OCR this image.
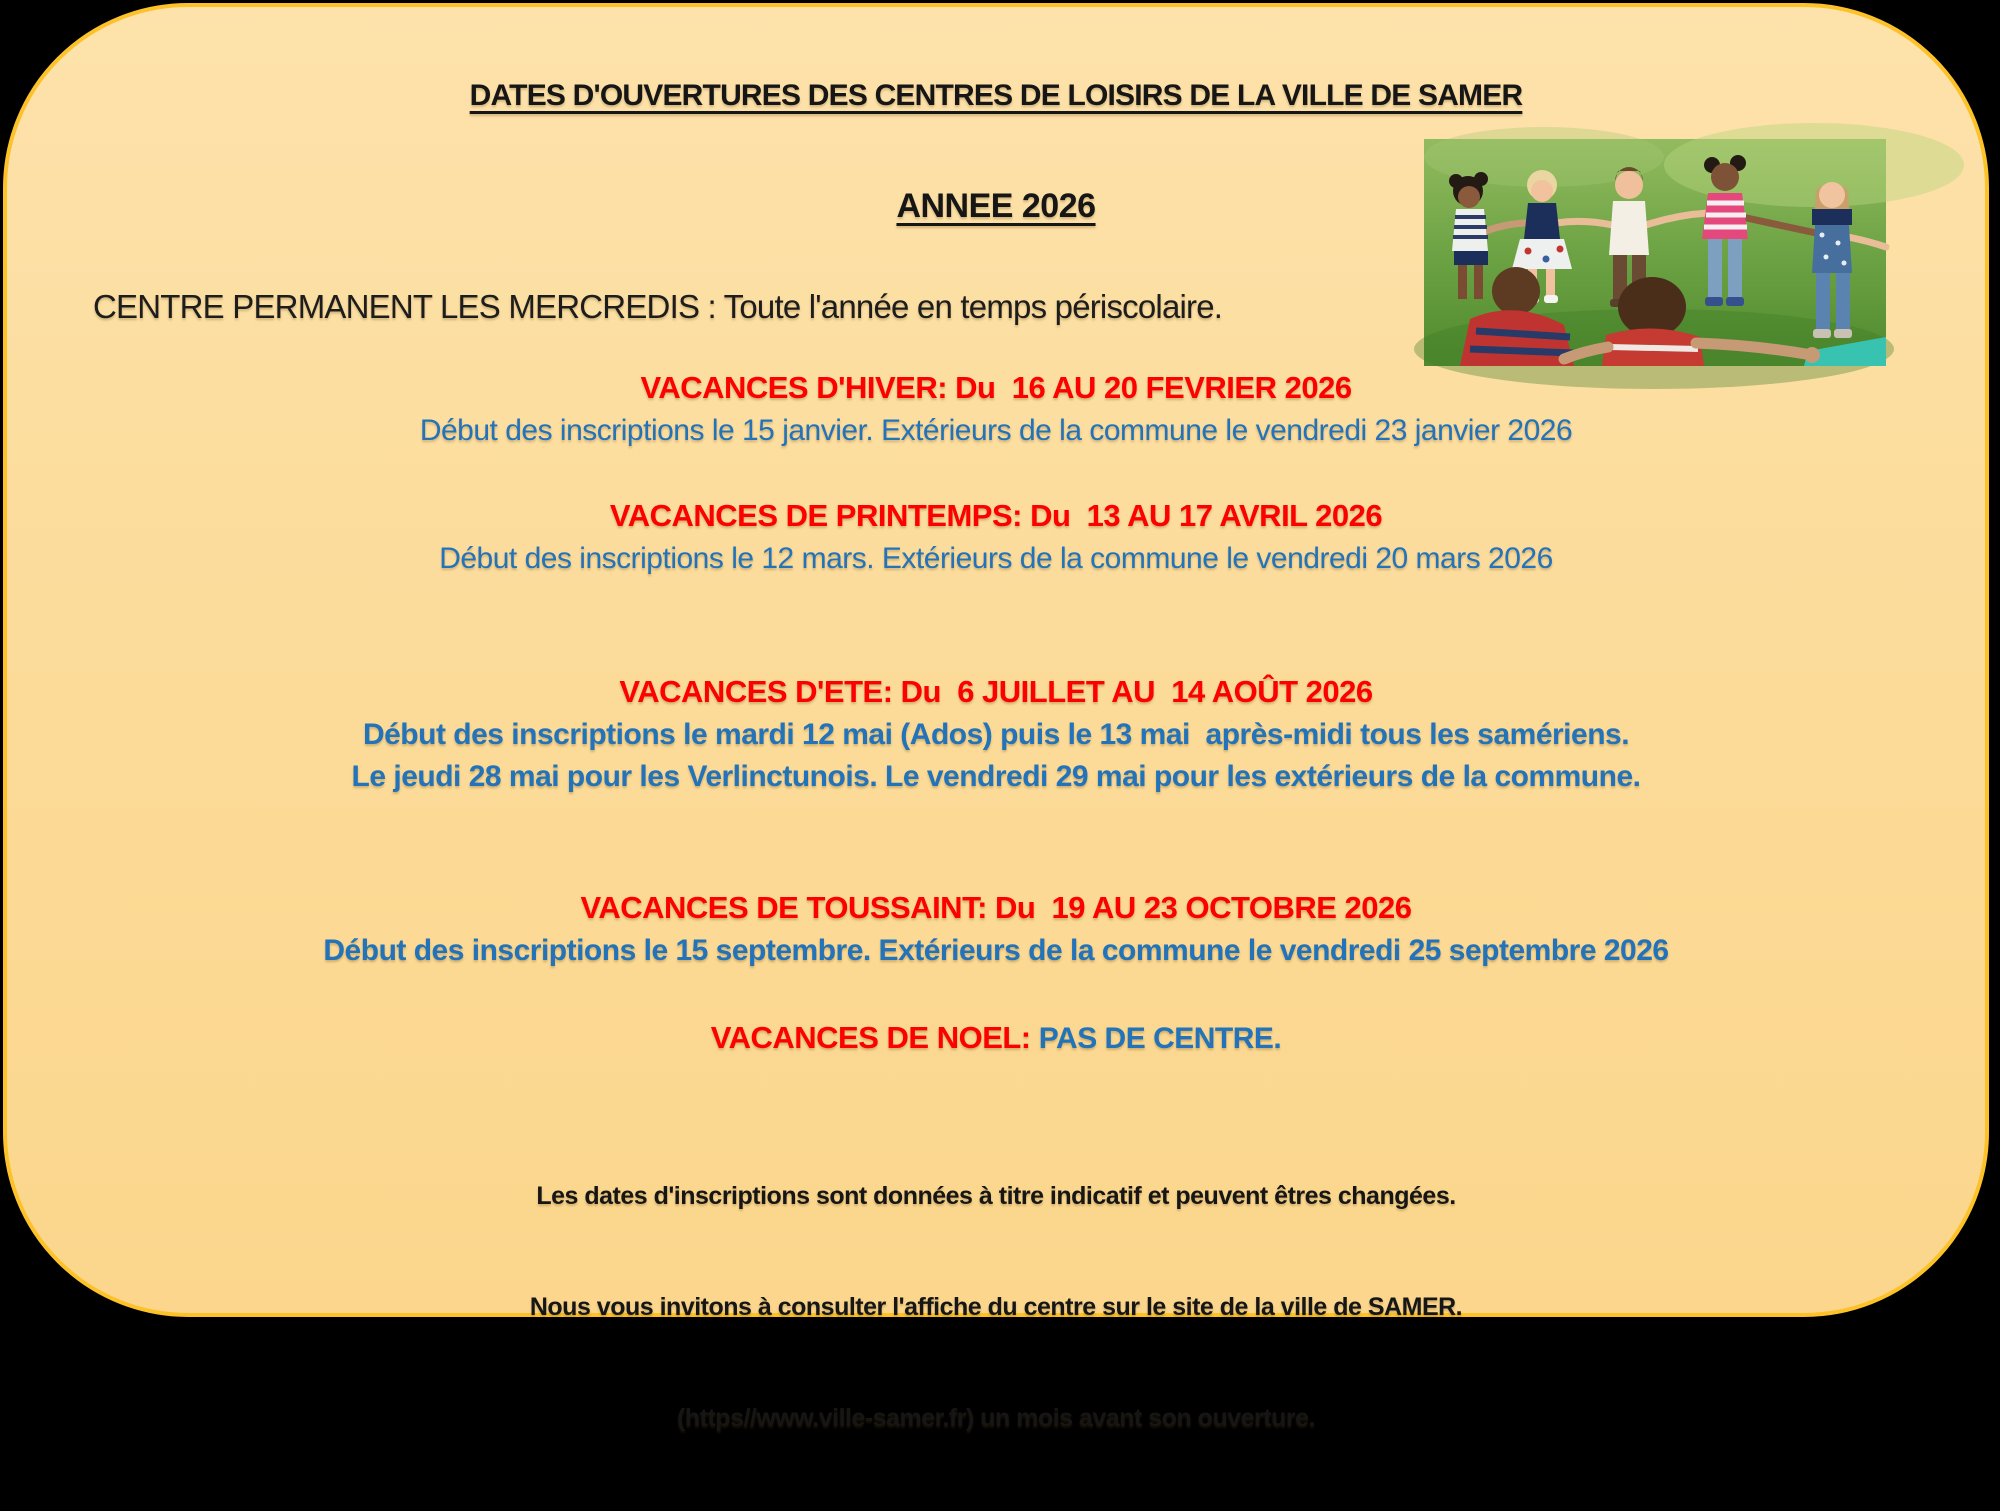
DATES D'OUVERTURES DES CENTRES DE LOISIRS DE LA VILLE DE SAMER

ANNEE 2026

CENTRE PERMANENT LES MERCREDIS : Toute l'année en temps périscolaire.

VACANCES D'HIVER: Du  16 AU 20 FEVRIER 2026

Début des inscriptions le 15 janvier. Extérieurs de la commune le vendredi 23 janvier 2026

VACANCES DE PRINTEMPS: Du  13 AU 17 AVRIL 2026

Début des inscriptions le 12 mars. Extérieurs de la commune le vendredi 20 mars 2026

VACANCES D'ETE: Du  6 JUILLET AU  14 AOÛT 2026

Début des inscriptions le mardi 12 mai (Ados) puis le 13 mai  après-midi tous les samériens.

Le jeudi 28 mai pour les Verlinctunois. Le vendredi 29 mai pour les extérieurs de la commune.

VACANCES DE TOUSSAINT: Du  19 AU 23 OCTOBRE 2026

Début des inscriptions le 15 septembre. Extérieurs de la commune le vendredi 25 septembre 2026

VACANCES DE NOEL: PAS DE CENTRE.

Les dates d'inscriptions sont données à titre indicatif et peuvent êtres changées.

Nous vous invitons à consulter l'affiche du centre sur le site de la ville de SAMER.

(https//www.ville-samer.fr) un mois avant son ouverture.
